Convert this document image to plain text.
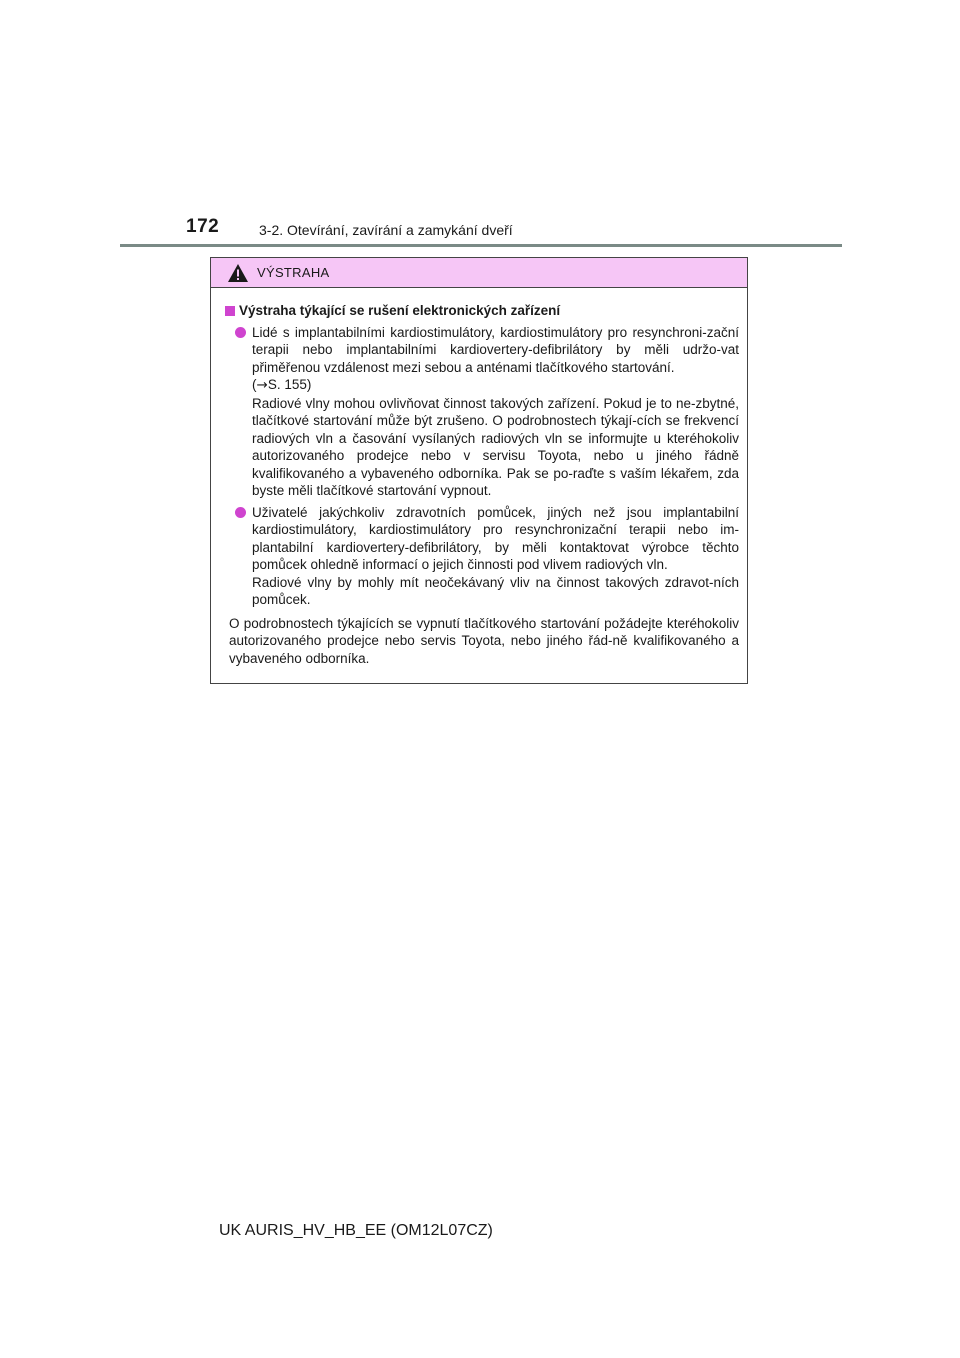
172	3-2. Otevírání, zavírání a zamykání dveří
VÝSTRAHA
Výstraha týkající se rušení elektronických zařízení

Lidé s implantabilními kardiostimulátory, kardiostimulátory pro resynchroni-zační terapii nebo implantabilními kardiovertery-defibrilátory by měli udržo-vat přiměřenou vzdálenost mezi sebou a anténami tlačítkového startování.
(→S. 155)

Radiové vlny mohou ovlivňovat činnost takových zařízení. Pokud je to ne-zbytné, tlačítkové startování může být zrušeno. O podrobnostech týkají-cích se frekvencí radiových vln a časování vysílaných radiových vln se informujte u kteréhokoliv autorizovaného prodejce nebo v servisu Toyota, nebo u jiného řádně kvalifikovaného a vybaveného odborníka. Pak se po-raďte s vaším lékařem, zda byste měli tlačítkové startování vypnout.

Uživatelé jakýchkoliv zdravotních pomůcek, jiných než jsou implantabilní kardiostimulátory, kardiostimulátory pro resynchronizační terapii nebo im-plantabilní kardiovertery-defibrilátory, by měli kontaktovat výrobce těchto pomůcek ohledně informací o jejich činnosti pod vlivem radiových vln.

Radiové vlny by mohly mít neočekávaný vliv na činnost takových zdravot-ních pomůcek.

O podrobnostech týkajících se vypnutí tlačítkového startování požádejte kteréhokoliv autorizovaného prodejce nebo servis Toyota, nebo jiného řád-ně kvalifikovaného a vybaveného odborníka.

UK AURIS_HV_HB_EE (OM12L07CZ)
